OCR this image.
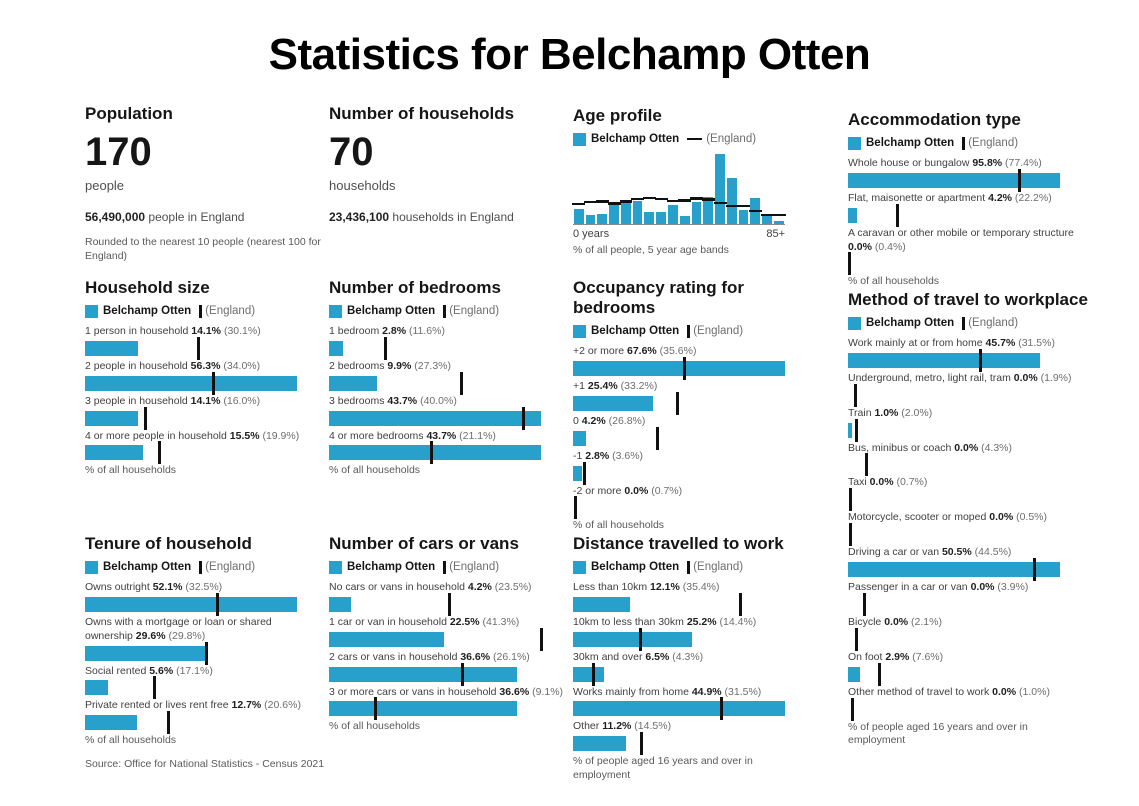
Statistics for Belchamp Otten
Population
170
people
56,490,000 people in England
Rounded to the nearest 10 people (nearest 100 for England)
Number of households
70
households
23,436,100 households in England
Age profile
Belchamp Otten (England)
0 years	85+
% of all people, 5 year age bands
Accommodation type
Belchamp Otten (England)
Whole house or bungalow 95.8% (77.4%)
Flat, maisonette or apartment 4.2% (22.2%)
A caravan or other mobile or temporary structure 0.0% (0.4%)
% of all households
Household size
Belchamp Otten (England)
1 person in household 14.1% (30.1%)
2 people in household 56.3% (34.0%)
3 people in household 14.1% (16.0%)
4 or more people in household 15.5% (19.9%)
% of all households
Number of bedrooms
Belchamp Otten (England)
1 bedroom 2.8% (11.6%)
2 bedrooms 9.9% (27.3%)
3 bedrooms 43.7% (40.0%)
4 or more bedrooms 43.7% (21.1%)
% of all households
Occupancy rating for bedrooms
Belchamp Otten (England)
+2 or more 67.6% (35.6%)
+1 25.4% (33.2%)
0 4.2% (26.8%)
-1 2.8% (3.6%)
-2 or more 0.0% (0.7%)
% of all households
Method of travel to workplace
Belchamp Otten (England)
Work mainly at or from home 45.7% (31.5%)
Underground, metro, light rail, tram 0.0% (1.9%)
Train 1.0% (2.0%)
Bus, minibus or coach 0.0% (4.3%)
Taxi 0.0% (0.7%)
Motorcycle, scooter or moped 0.0% (0.5%)
Driving a car or van 50.5% (44.5%)
Passenger in a car or van 0.0% (3.9%)
Bicycle 0.0% (2.1%)
On foot 2.9% (7.6%)
Other method of travel to work 0.0% (1.0%)
% of people aged 16 years and over in employment
Tenure of household
Belchamp Otten (England)
Owns outright 52.1% (32.5%)
Owns with a mortgage or loan or shared ownership 29.6% (29.8%)
Social rented 5.6% (17.1%)
Private rented or lives rent free 12.7% (20.6%)
% of all households
Number of cars or vans
Belchamp Otten (England)
No cars or vans in household 4.2% (23.5%)
1 car or van in household 22.5% (41.3%)
2 cars or vans in household 36.6% (26.1%)
3 or more cars or vans in household 36.6% (9.1%)
% of all households
Distance travelled to work
Belchamp Otten (England)
Less than 10km 12.1% (35.4%)
10km to less than 30km 25.2% (14.4%)
30km and over 6.5% (4.3%)
Works mainly from home 44.9% (31.5%)
Other 11.2% (14.5%)
% of people aged 16 years and over in employment
Source: Office for National Statistics - Census 2021
